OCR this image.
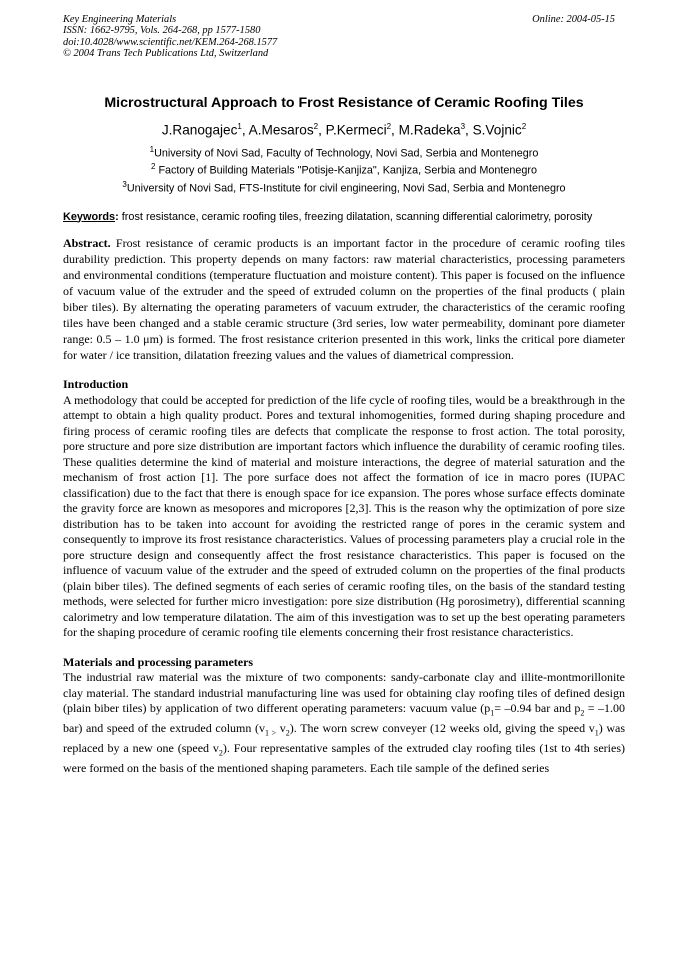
Key Engineering Materials
ISSN: 1662-9795, Vols. 264-268, pp 1577-1580
doi:10.4028/www.scientific.net/KEM.264-268.1577
© 2004 Trans Tech Publications Ltd, Switzerland
Online: 2004-05-15
Microstructural Approach to Frost Resistance of Ceramic Roofing Tiles
J.Ranogajec$^1$, A.Mesaros$^2$, P.Kermeci$^2$, M.Radeka$^3$, S.Vojnic$^2$
$^1$University of Novi Sad, Faculty of Technology, Novi Sad, Serbia and Montenegro
$^2$ Factory of Building Materials "Potisje-Kanjiza", Kanjiza, Serbia and Montenegro
$^3$University of Novi Sad, FTS-Institute for civil engineering, Novi Sad, Serbia and Montenegro
Keywords: frost resistance, ceramic roofing tiles, freezing dilatation, scanning differential calorimetry, porosity
Abstract. Frost resistance of ceramic products is an important factor in the procedure of ceramic roofing tiles durability prediction. This property depends on many factors: raw material characteristics, processing parameters and environmental conditions (temperature fluctuation and moisture content). This paper is focused on the influence of vacuum value of the extruder and the speed of extruded column on the properties of the final products ( plain biber tiles). By alternating the operating parameters of vacuum extruder, the characteristics of the ceramic roofing tiles have been changed and a stable ceramic structure (3rd series, low water permeability, dominant pore diameter range: 0.5 – 1.0 μm) is formed. The frost resistance criterion presented in this work, links the critical pore diameter for water / ice transition, dilatation freezing values and the values of diametrical compression.
Introduction
A methodology that could be accepted for prediction of the life cycle of roofing tiles, would be a breakthrough in the attempt to obtain a high quality product. Pores and textural inhomogenities, formed during shaping procedure and firing process of ceramic roofing tiles are defects that complicate the response to frost action. The total porosity, pore structure and pore size distribution are important factors which influence the durability of ceramic roofing tiles. These qualities determine the kind of material and moisture interactions, the degree of material saturation and the mechanism of frost action [1]. The pore surface does not affect the formation of ice in macro pores (IUPAC classification) due to the fact that there is enough space for ice expansion. The pores whose surface effects dominate the gravity force are known as mesopores and micropores [2,3]. This is the reason why the optimization of pore size distribution has to be taken into account for avoiding the restricted range of pores in the ceramic system and consequently to improve its frost resistance characteristics. Values of processing parameters play a crucial role in the pore structure design and consequently affect the frost resistance characteristics. This paper is focused on the influence of vacuum value of the extruder and the speed of extruded column on the properties of the final products (plain biber tiles). The defined segments of each series of ceramic roofing tiles, on the basis of the standard testing methods, were selected for further micro investigation: pore size distribution (Hg porosimetry), differential scanning calorimetry and low temperature dilatation. The aim of this investigation was to set up the best operating parameters for the shaping procedure of ceramic roofing tile elements concerning their frost resistance characteristics.
Materials and processing parameters
The industrial raw material was the mixture of two components: sandy-carbonate clay and illite-montmorillonite clay material. The standard industrial manufacturing line was used for obtaining clay roofing tiles of defined design (plain biber tiles) by application of two different operating parameters: vacuum value ($p_1= -0.94$ bar and $p_2 = -1.00$ bar) and speed of the extruded column ($v_{1 >}$ $v_2$). The worn screw conveyer (12 weeks old, giving the speed $v_1$) was replaced by a new one (speed $v_2$). Four representative samples of the extruded clay roofing tiles (1st to 4th series) were formed on the basis of the mentioned shaping parameters. Each tile sample of the defined series
